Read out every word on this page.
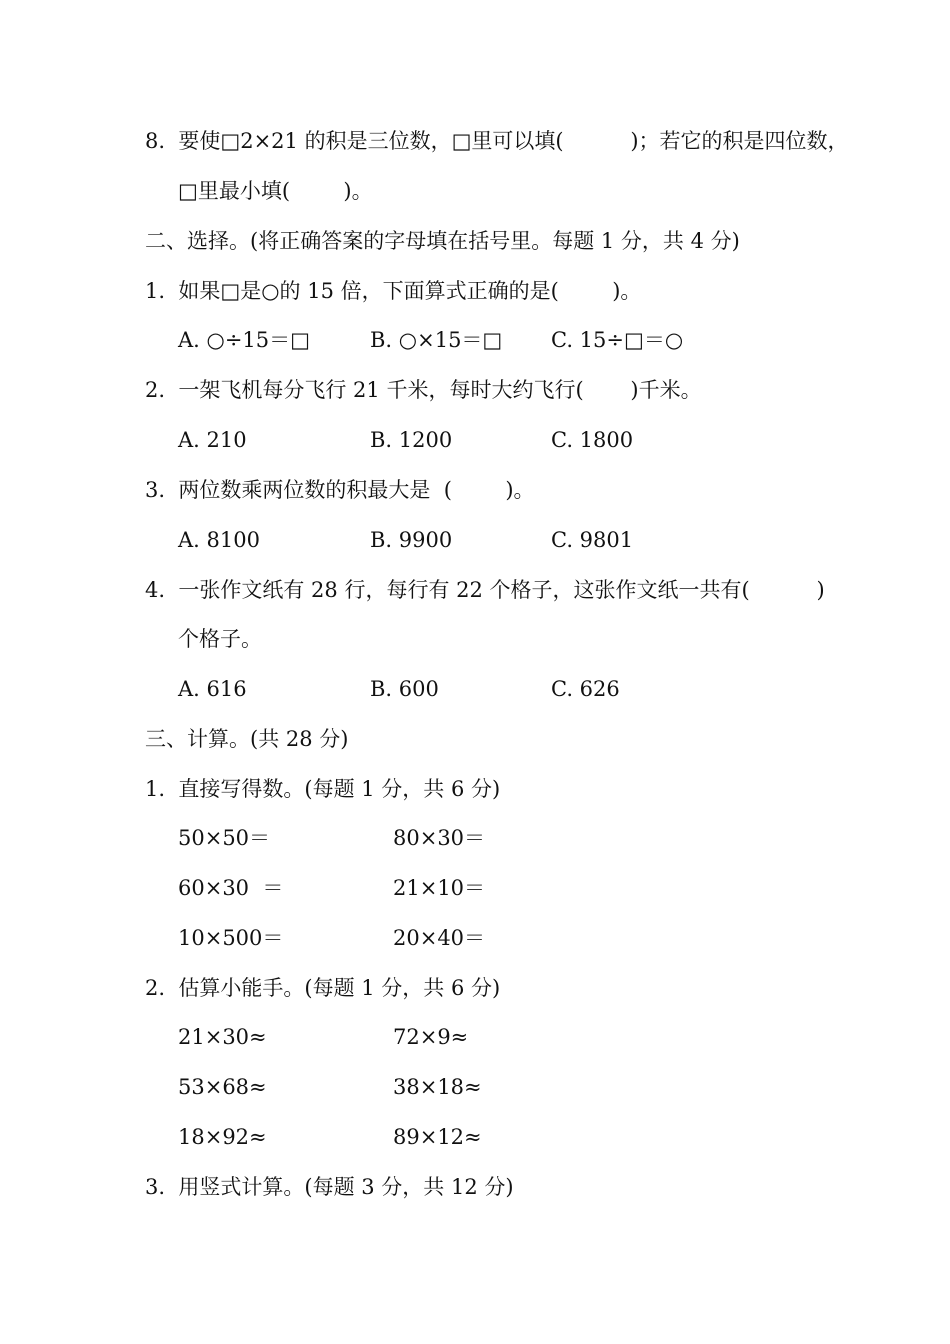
8.  要使□2×21 的积是三位数，□里可以填(          )；若它的积是四位数，
□里最小填(        )。
二、选择。(将正确答案的字母填在括号里。每题 1 分，共 4 分)
1.  如果□是○的 15 倍，下面算式正确的是(        )。
A. ○÷15＝□	B. ○×15＝□ C. 15÷□＝○
2.  一架飞机每分飞行 21 千米，每时大约飞行(       )千米。
A. 210	B. 1200	C. 1800
3.  两位数乘两位数的积最大是  (        )。
A. 8100	B. 9900	C. 9801
4.  一张作文纸有 28 行，每行有 22 个格子，这张作文纸一共有(          )
个格子。
A. 616	B. 600	C. 626
三、计算。(共 28 分)
1.  直接写得数。(每题 1 分，共 6 分)
50×50＝	80×30＝
60×30  ＝	21×10＝
10×500＝	20×40＝
2.  估算小能手。(每题 1 分，共 6 分)
21×30≈	72×9≈
53×68≈	38×18≈
18×92≈	89×12≈
3.  用竖式计算。(每题 3 分，共 12 分)
